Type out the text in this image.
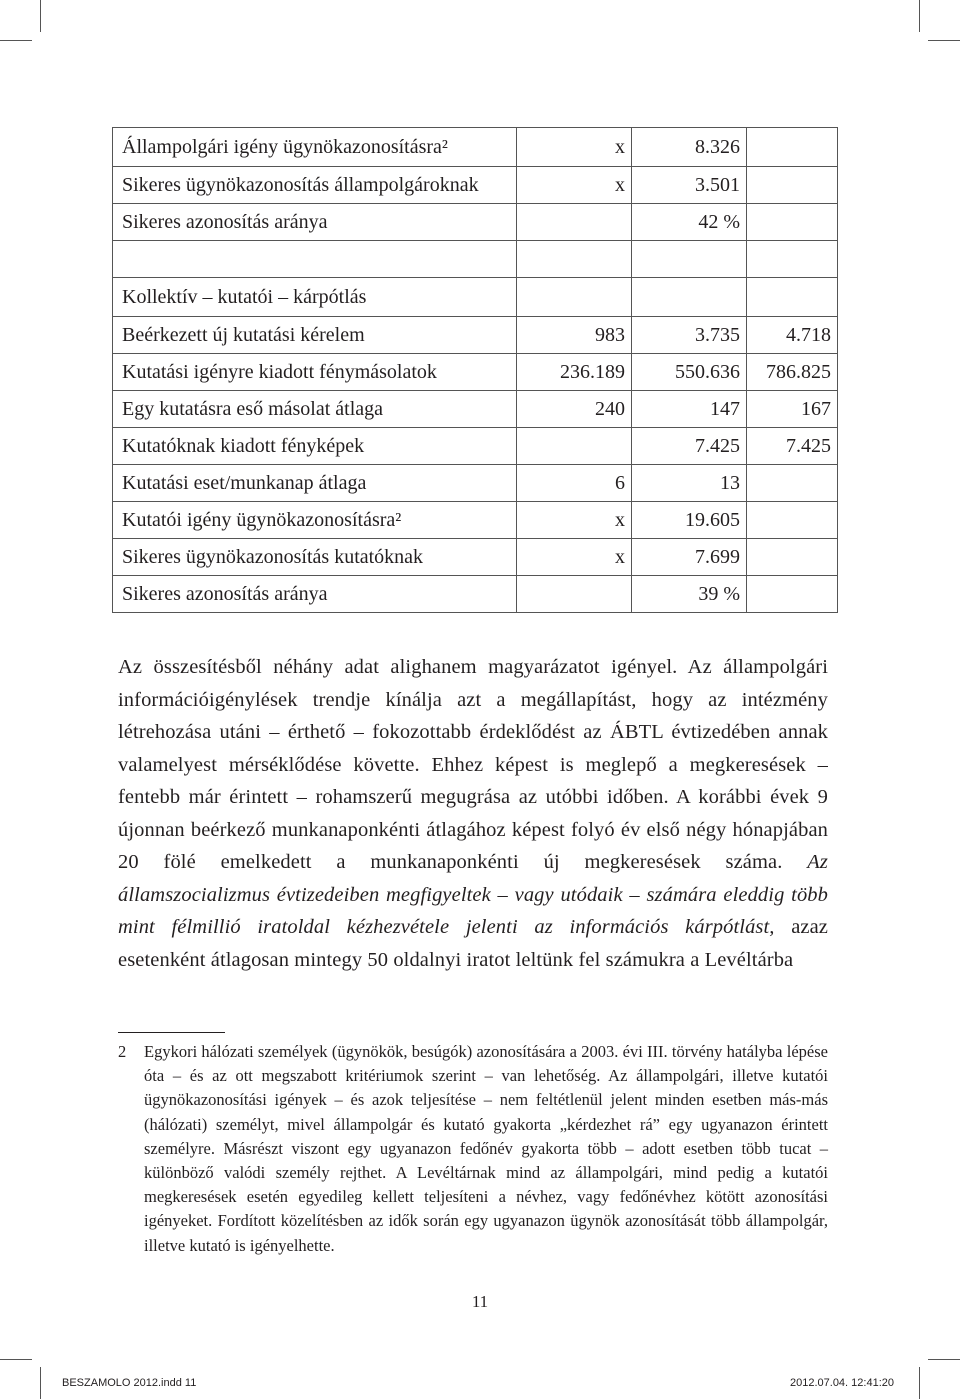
Állampolgári igény ügynökazonosításra²	x	8.326	
Sikeres ügynökazonosítás állampolgároknak	x	3.501	
Sikeres azonosítás aránya		42 %	

Kollektív – kutatói – kárpótlás			
Beérkezett új kutatási kérelem	983	3.735	4.718
Kutatási igényre kiadott fénymásolatok	236.189	550.636	786.825
Egy kutatásra eső másolat átlaga	240	147	167
Kutatóknak kiadott fényképek		7.425	7.425
Kutatási eset/munkanap átlaga	6	13	
Kutatói igény ügynökazonosításra²	x	19.605	
Sikeres ügynökazonosítás kutatóknak	x	7.699	
Sikeres azonosítás aránya		39 %	
Az összesítésből néhány adat alighanem magyarázatot igényel. Az állampolgári információigénylések trendje kínálja azt a megállapítást, hogy az intézmény létrehozása utáni – érthető – fokozottabb érdeklődést az ÁBTL évtizedében annak valamelyest mérséklődése követte. Ehhez képest is meglepő a megkeresések – fentebb már érintett – rohamszerű megugrása az utóbbi időben. A korábbi évek 9 újonnan beérkező munkanaponkénti átlagához képest folyó év első négy hónapjában 20 fölé emelkedett a munkanaponkénti új megkeresések száma. Az államszocializmus évtizedeiben megfigyeltek – vagy utódaik – számára eleddig több mint félmillió iratoldal kézhezvétele jelenti az információs kárpótlást, azaz esetenként átlagosan mintegy 50 oldalnyi iratot leltünk fel számukra a Levéltárba
2 Egykori hálózati személyek (ügynökök, besúgók) azonosítására a 2003. évi III. törvény hatályba lépése óta – és az ott megszabott kritériumok szerint – van lehetőség. Az állampolgári, illetve kutatói ügynökazonosítási igények – és azok teljesítése – nem feltétlenül jelent minden esetben más-más (hálózati) személyt, mivel állampolgár és kutató gyakorta „kérdezhet rá” egy ugyanazon érintett személyre. Másrészt viszont egy ugyanazon fedőnév gyakorta több – adott esetben több tucat – különböző valódi személy rejthet. A Levéltárnak mind az állampolgári, mind pedig a kutatói megkeresések esetén egyedileg kellett teljesíteni a névhez, vagy fedőnévhez kötött azonosítási igényeket. Fordított közelítésben az idők során egy ugyanazon ügynök azonosítását több állampolgár, illetve kutató is igényelhette.
11
BESZAMOLO 2012.indd 11	2012.07.04. 12:41:20
